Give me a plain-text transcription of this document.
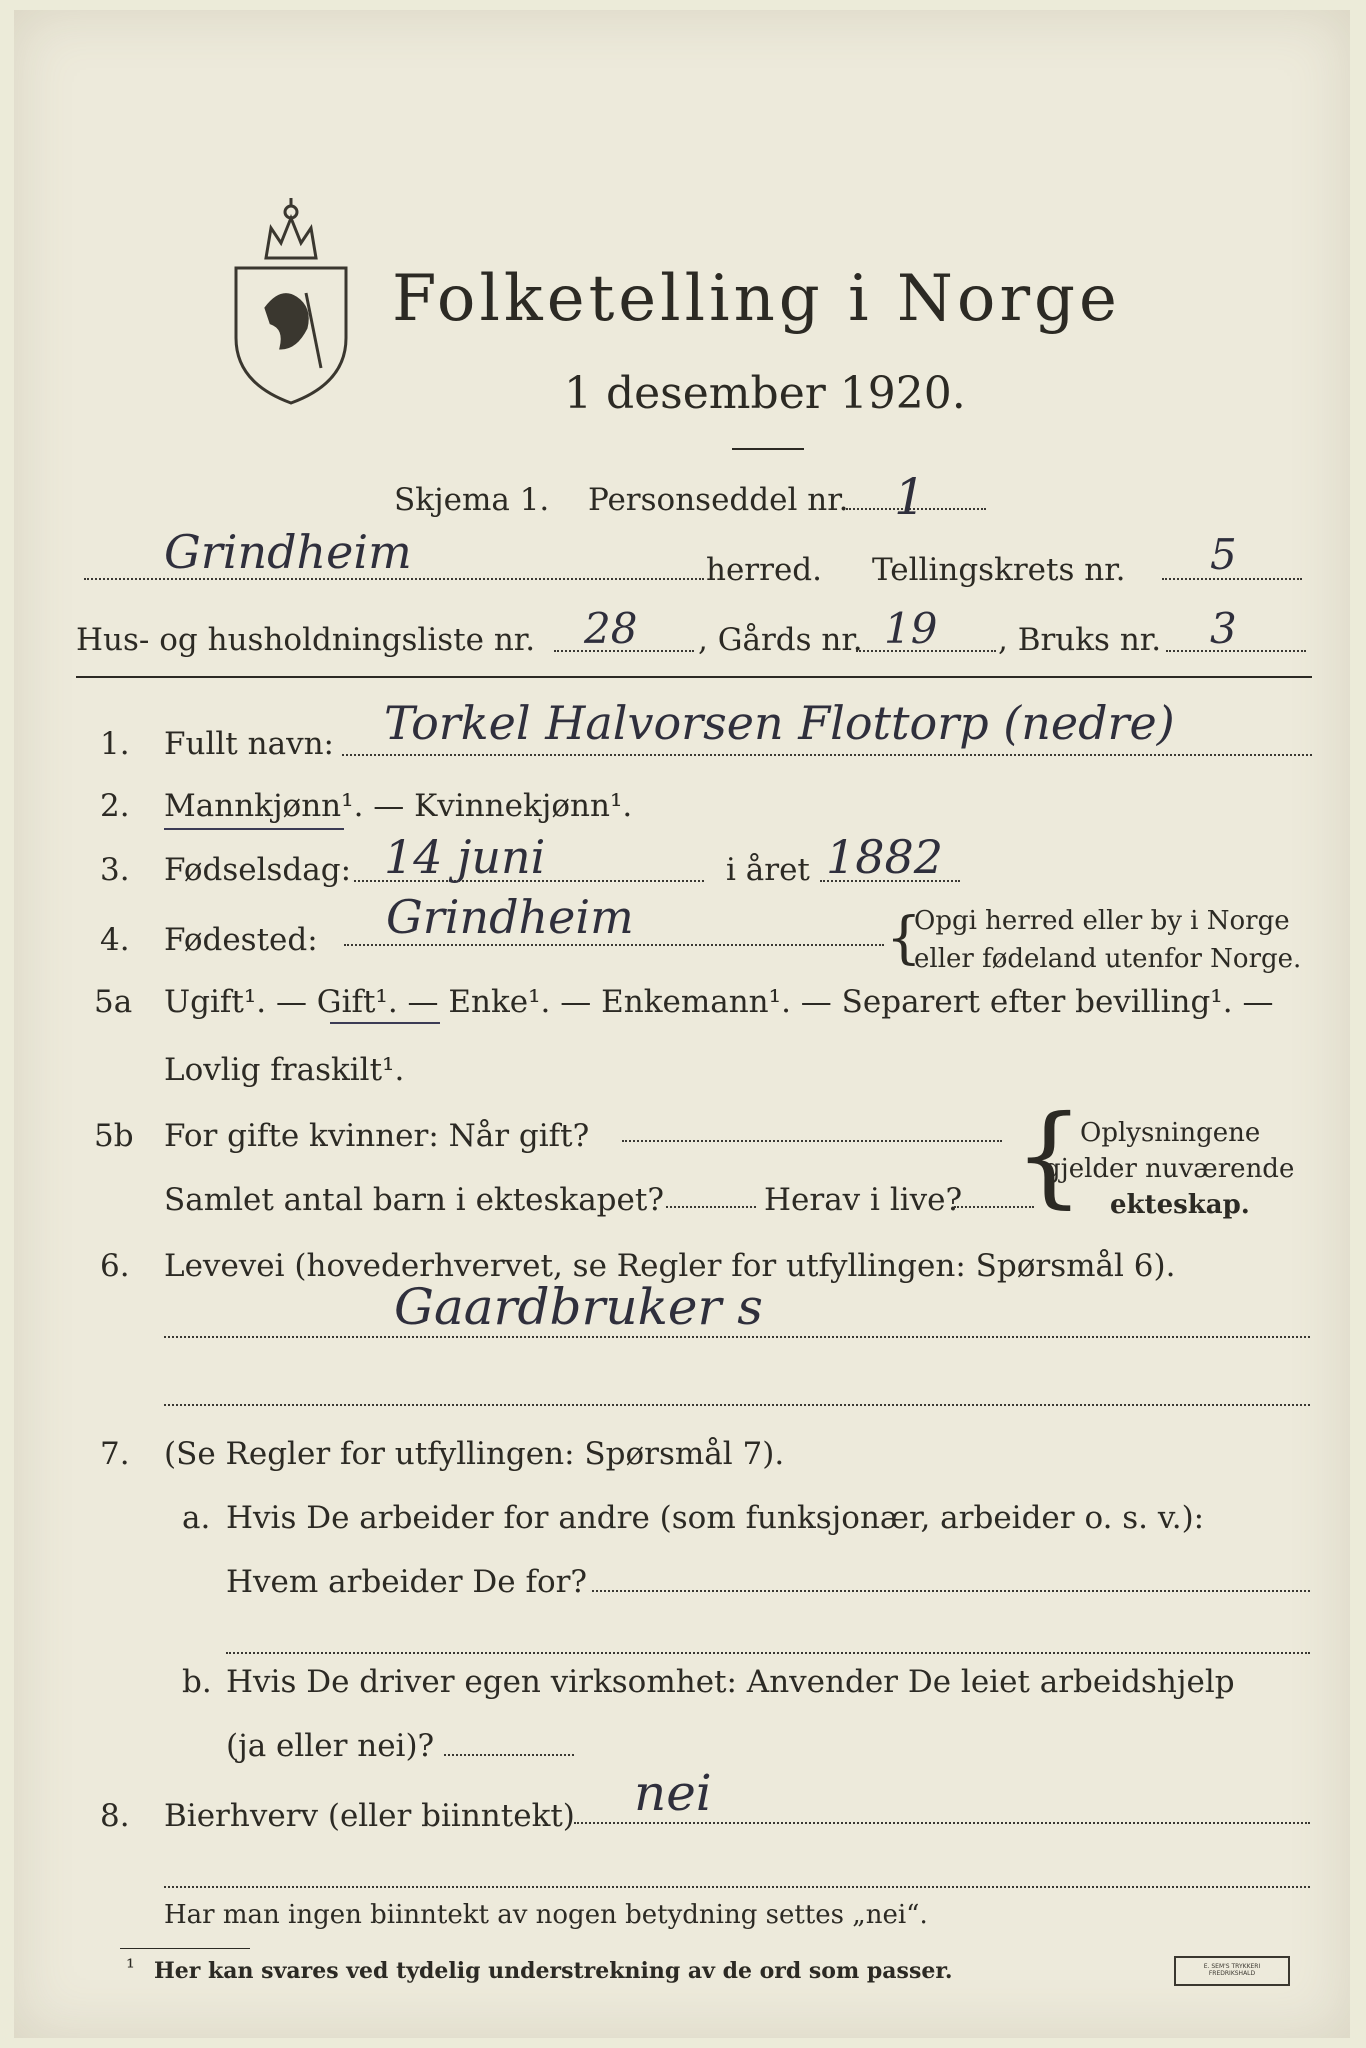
Folketelling i Norge
1 desember 1920.
Skjema 1. Personseddel nr. 1
Grindheim	herred. Tellingskrets nr. 5
Hus- og husholdningsliste nr. 28 , Gårds nr. 19 , Bruks nr. 3
1. Fullt navn: Torkel Halvorsen Flottorp (nedre)
2. Mannkjønn¹. — Kvinnekjønn¹.
3. Fødselsdag: 14 juni	i året 1882
4. Fødested: Grindheim	{
Opgi herred eller by i Norge
eller fødeland utenfor Norge.
5a Ugift¹. — Gift¹. — Enke¹. — Enkemann¹. — Separert efter bevilling¹. —
Lovlig fraskilt¹.
5b For gifte kvinner: Når gift?
Samlet antal barn i ekteskapet?	Herav i live? {
Oplysningene
gjelder nuværende
ekteskap.
6. Levevei (hovederhvervet, se Regler for utfyllingen: Spørsmål 6).
Gaardbruker s
7. (Se Regler for utfyllingen: Spørsmål 7).
a. Hvis De arbeider for andre (som funksjonær, arbeider o. s. v.):
Hvem arbeider De for?
b. Hvis De driver egen virksomhet: Anvender De leiet arbeidshjelp
(ja eller nei)?
8. Bierhverv (eller biinntekt) nei
Har man ingen biinntekt av nogen betydning settes „nei“.
¹ Her kan svares ved tydelig understrekning av de ord som passer.	E. SEM'S TRYKKERI FREDRIKSHALD
